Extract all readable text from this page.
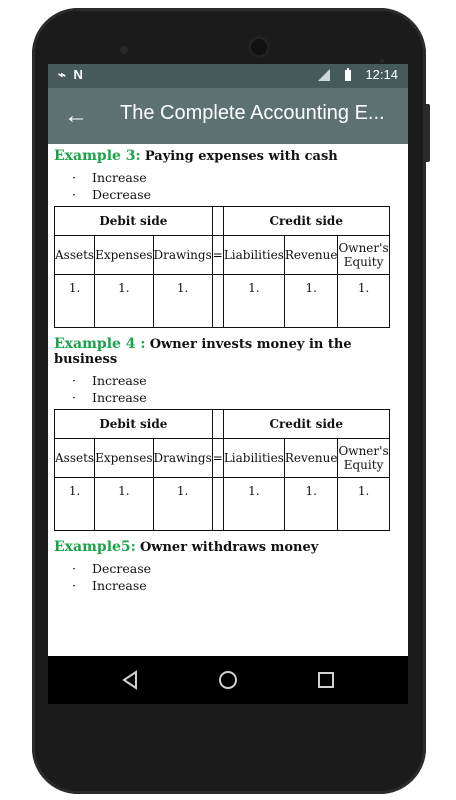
⌁ N	12:14
← The Complete Accounting E...
Example 3: Paying expenses with cash
· Increase
· Decrease
Debit side				Credit side		
Assets	Expenses	Drawings	=	Liabilities	Revenue	Owner's Equity
1.	1.	1.		1.	1.	1.
Example 4 : Owner invests money in the business
· Increase
· Increase
Debit side				Credit side		
Assets	Expenses	Drawings	=	Liabilities	Revenue	Owner's Equity
1.	1.	1.		1.	1.	1.
Example5: Owner withdraws money
· Decrease
· Increase
